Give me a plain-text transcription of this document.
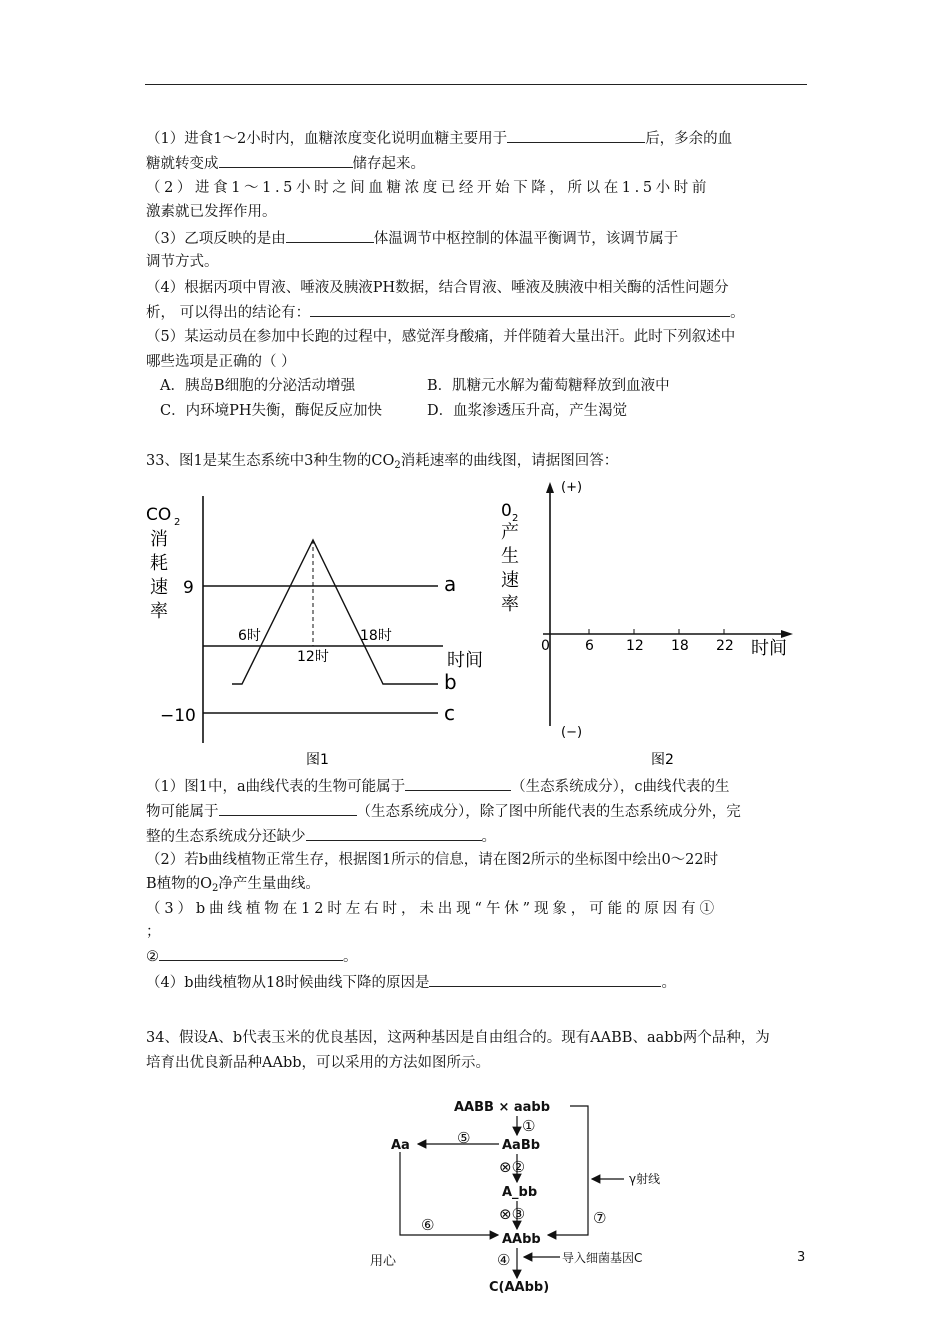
（1）进食1～2小时内，血糖浓度变化说明血糖主要用于	后，多余的血
糖就转变成	储存起来。
（2）进食1～1.5小时之间血糖浓度已经开始下降，所以在1.5小时前
激素就已发挥作用。
（3）乙项反映的是由	体温调节中枢控制的体温平衡调节，该调节属于
调节方式。
（4）根据丙项中胃液、唾液及胰液PH数据，结合胃液、唾液及胰液中相关酶的活性问题分
析， 可以得出的结论有：	。
（5）某运动员在参加中长跑的过程中，感觉浑身酸痛，并伴随着大量出汗。此时下列叙述中
哪些选项是正确的（ ）
A．胰岛B细胞的分泌活动增强	B．肌糖元水解为葡萄糖释放到血液中
C．内环境PH失衡，酶促反应加快	D．血浆渗透压升高，产生渴觉
33、图1是某生态系统中3种生物的$CO_2$消耗速率的曲线图，请据图回答：
CO 2
消
耗
速
率
9
−10
6时
12时
18时
时间
a
b
c
图1
(+)
(−)
0 2
产
生
速
率
0	6 12 18 22 时间
图2
（1）图1中，a曲线代表的生物可能属于	（生态系统成分），c曲线代表的生
物可能属于	（生态系统成分），除了图中所能代表的生态系统成分外，完
整的生态系统成分还缺少	。
（2）若b曲线植物正常生存，根据图1所示的信息，请在图2所示的坐标图中绘出0～22时
B植物的$O_2$净产生量曲线。
（3）b曲线植物在12时左右时，未出现“午休”现象，可能的原因有①
；
②	。
（4）b曲线植物从18时候曲线下降的原因是	。
34、假设A、b代表玉米的优良基因，这两种基因是自由组合的。现有AABB、aabb两个品种，为
培育出优良新品种AAbb，可以采用的方法如图所示。
AABB × aabb
AaBb
A_bb
AAbb
Aa
C(AAbb)
①
⊗②
⊗③
④
⑤
⑥	⑦
γ射线
导入细菌基因C
用心	3
